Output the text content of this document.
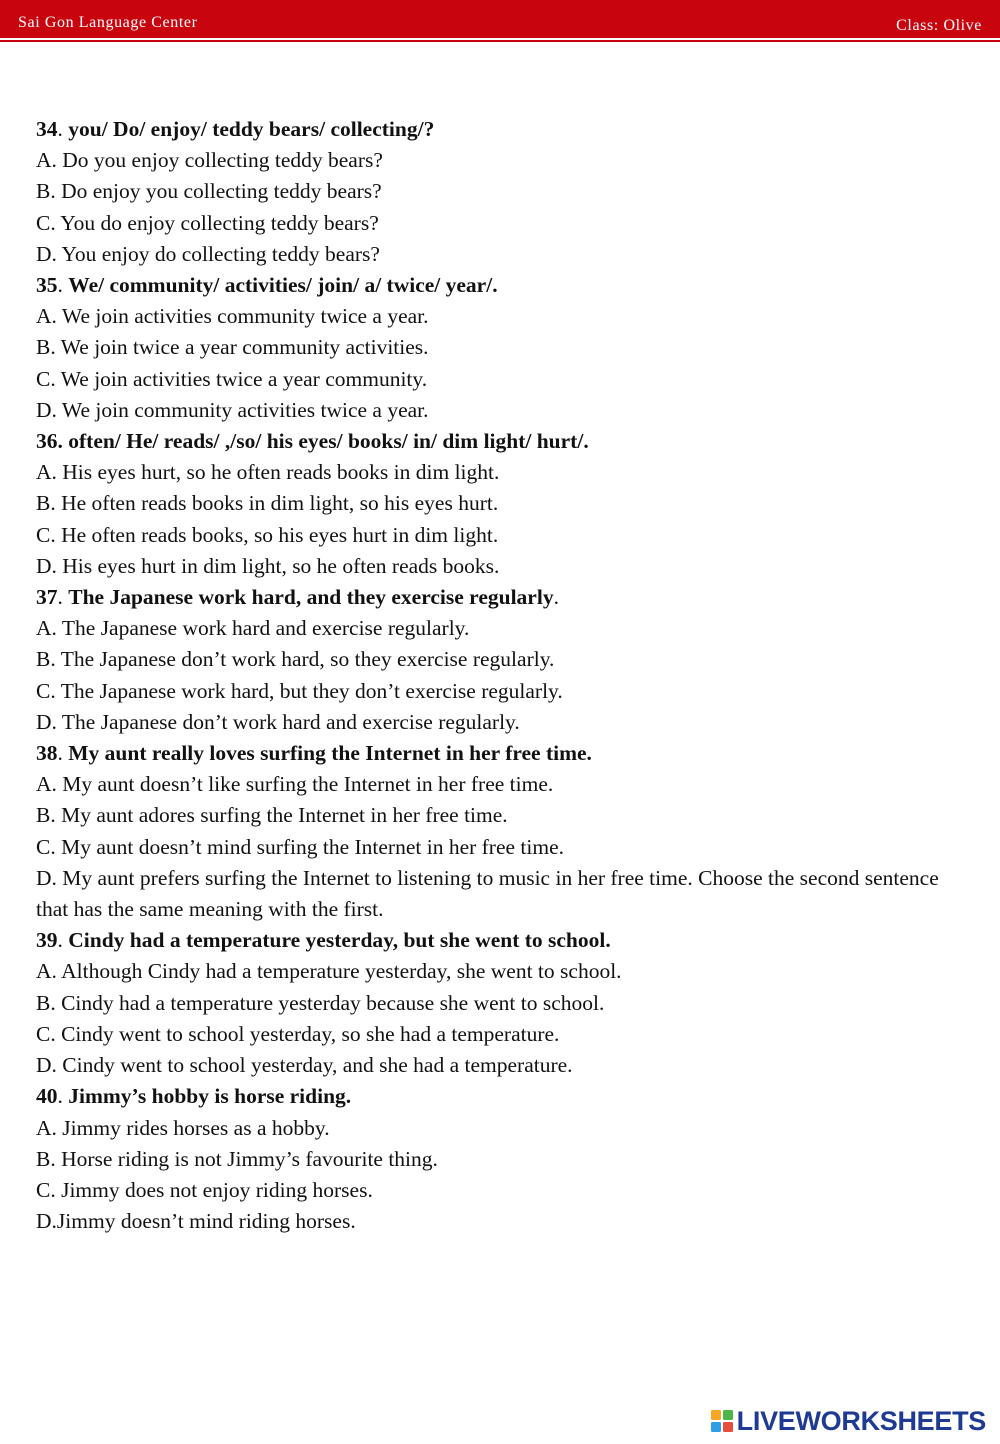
Sai Gon Language Center	Class: Olive
34. you/ Do/ enjoy/ teddy bears/ collecting/?
A. Do you enjoy collecting teddy bears?
B. Do enjoy you collecting teddy bears?
C. You do enjoy collecting teddy bears?
D. You enjoy do collecting teddy bears?
35. We/ community/ activities/ join/ a/ twice/ year/.
A. We join activities community twice a year.
B. We join twice a year community activities.
C. We join activities twice a year community.
D. We join community activities twice a year.
36. often/ He/ reads/ ,/so/ his eyes/ books/ in/ dim light/ hurt/.
A. His eyes hurt, so he often reads books in dim light.
B. He often reads books in dim light, so his eyes hurt.
C. He often reads books, so his eyes hurt in dim light.
D. His eyes hurt in dim light, so he often reads books.
37. The Japanese work hard, and they exercise regularly.
A. The Japanese work hard and exercise regularly.
B. The Japanese don’t work hard, so they exercise regularly.
C. The Japanese work hard, but they don’t exercise regularly.
D. The Japanese don’t work hard and exercise regularly.
38. My aunt really loves surfing the Internet in her free time.
A. My aunt doesn’t like surfing the Internet in her free time.
B. My aunt adores surfing the Internet in her free time.
C. My aunt doesn’t mind surfing the Internet in her free time.
D. My aunt prefers surfing the Internet to listening to music in her free time. Choose the second sentence that has the same meaning with the first.
39. Cindy had a temperature yesterday, but she went to school.
A. Although Cindy had a temperature yesterday, she went to school.
B. Cindy had a temperature yesterday because she went to school.
C. Cindy went to school yesterday, so she had a temperature.
D. Cindy went to school yesterday, and she had a temperature.
40. Jimmy’s hobby is horse riding.
A. Jimmy rides horses as a hobby.
B. Horse riding is not Jimmy’s favourite thing.
C. Jimmy does not enjoy riding horses.
D.Jimmy doesn’t mind riding horses.
LIVEWORKSHEETS
